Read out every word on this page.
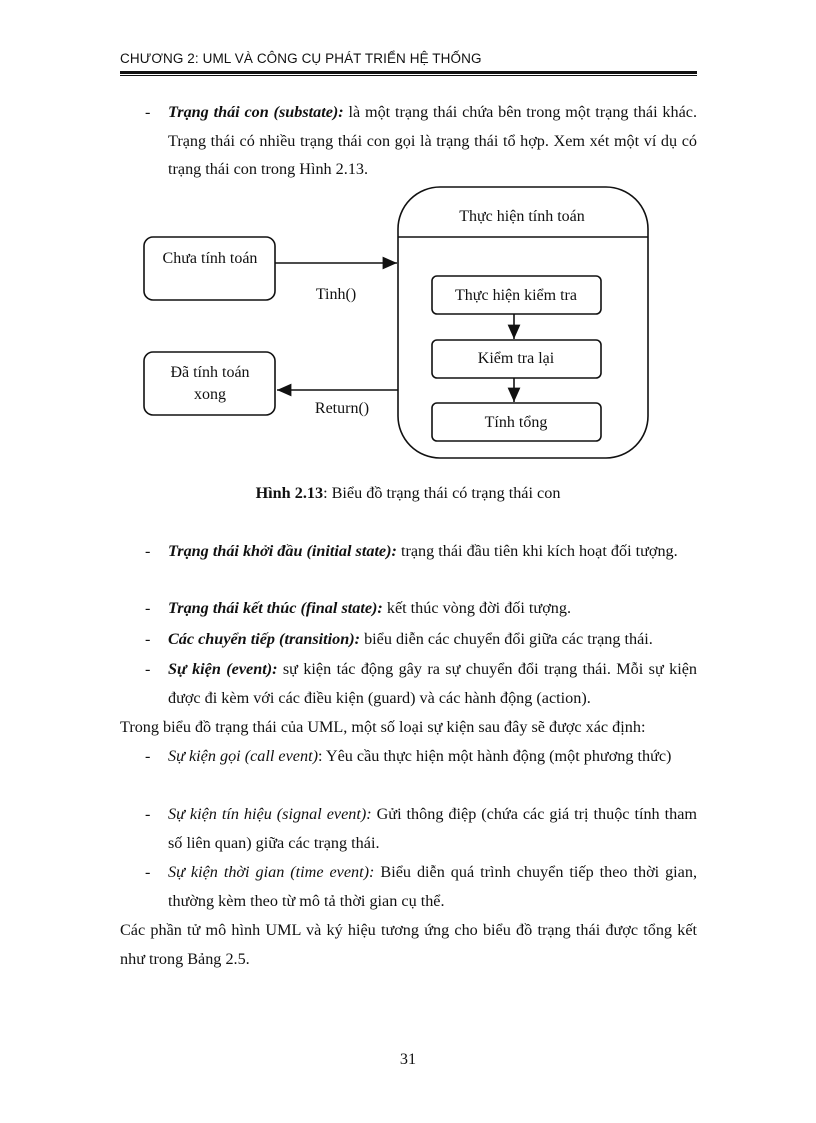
CHƯƠNG 2: UML VÀ CÔNG CỤ PHÁT TRIỂN HỆ THỐNG
- Trạng thái con (substate): là một trạng thái chứa bên trong một trạng thái khác. Trạng thái có nhiều trạng thái con gọi là trạng thái tổ hợp. Xem xét một ví dụ có trạng thái con trong Hình 2.13.
Thực hiện tính toán
Chưa tính toán
Đã tính toán
xong
Tinh()
Return()
Thực hiện kiểm tra
Kiểm tra lại
Tính tổng
Hình 2.13: Biểu đồ trạng thái có trạng thái con
- Trạng thái khởi đầu (initial state): trạng thái đầu tiên khi kích hoạt đối tượng.
- Trạng thái kết thúc (final state): kết thúc vòng đời đối tượng.
- Các chuyển tiếp (transition): biểu diễn các chuyển đổi giữa các trạng thái.
- Sự kiện (event): sự kiện tác động gây ra sự chuyển đổi trạng thái. Mỗi sự kiện được đi kèm với các điều kiện (guard) và các hành động (action).
Trong biểu đồ trạng thái của UML, một số loại sự kiện sau đây sẽ được xác định:
- Sự kiện gọi (call event): Yêu cầu thực hiện một hành động (một phương thức)
- Sự kiện tín hiệu (signal event): Gửi thông điệp (chứa các giá trị thuộc tính tham số liên quan) giữa các trạng thái.
- Sự kiện thời gian (time event): Biểu diễn quá trình chuyển tiếp theo thời gian, thường kèm theo từ mô tả thời gian cụ thể.
Các phần tử mô hình UML và ký hiệu tương ứng cho biểu đồ trạng thái được tổng kết như trong Bảng 2.5.
31
